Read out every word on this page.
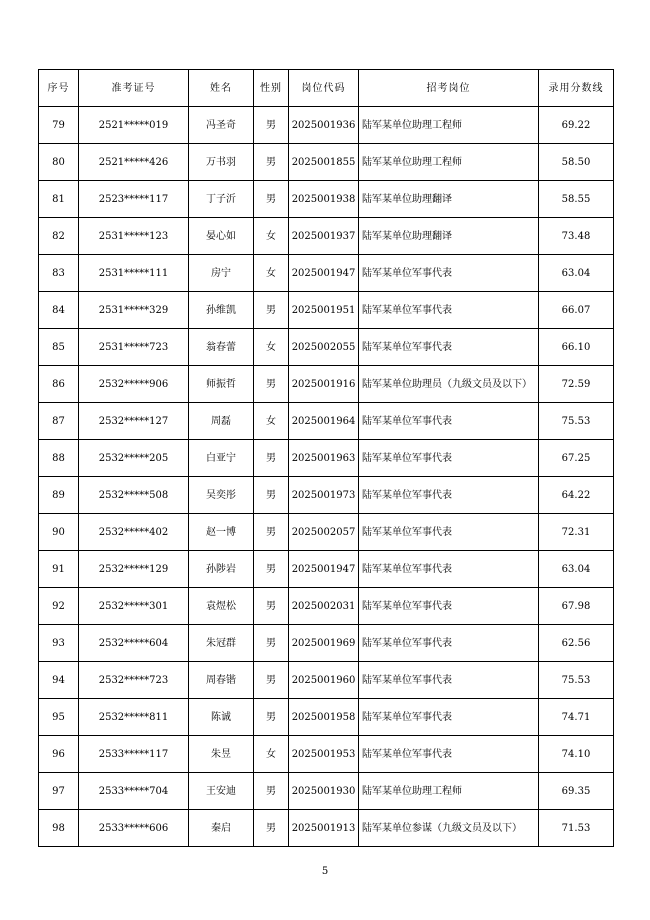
序号	准考证号	姓名	性别	岗位代码	招考岗位	录用分数线
79	2521*****019	冯圣奇	男	2025001936	陆军某单位助理工程师	69.22
80	2521*****426	万书羽	男	2025001855	陆军某单位助理工程师	58.50
81	2523*****117	丁子沂	男	2025001938	陆军某单位助理翻译	58.55
82	2531*****123	晏心如	女	2025001937	陆军某单位助理翻译	73.48
83	2531*****111	房宁	女	2025001947	陆军某单位军事代表	63.04
84	2531*****329	孙维凯	男	2025001951	陆军某单位军事代表	66.07
85	2531*****723	翁春蕾	女	2025002055	陆军某单位军事代表	66.10
86	2532*****906	师振哲	男	2025001916	陆军某单位助理员（九级文员及以下）	72.59
87	2532*****127	周磊	女	2025001964	陆军某单位军事代表	75.53
88	2532*****205	白亚宁	男	2025001963	陆军某单位军事代表	67.25
89	2532*****508	吴奕彤	男	2025001973	陆军某单位军事代表	64.22
90	2532*****402	赵一博	男	2025002057	陆军某单位军事代表	72.31
91	2532*****129	孙陟岩	男	2025001947	陆军某单位军事代表	63.04
92	2532*****301	袁煜松	男	2025002031	陆军某单位军事代表	67.98
93	2532*****604	朱冠群	男	2025001969	陆军某单位军事代表	62.56
94	2532*****723	周春锴	男	2025001960	陆军某单位军事代表	75.53
95	2532*****811	陈诚	男	2025001958	陆军某单位军事代表	74.71
96	2533*****117	朱昱	女	2025001953	陆军某单位军事代表	74.10
97	2533*****704	王安迪	男	2025001930	陆军某单位助理工程师	69.35
98	2533*****606	秦启	男	2025001913	陆军某单位参谋（九级文员及以下）	71.53
5
